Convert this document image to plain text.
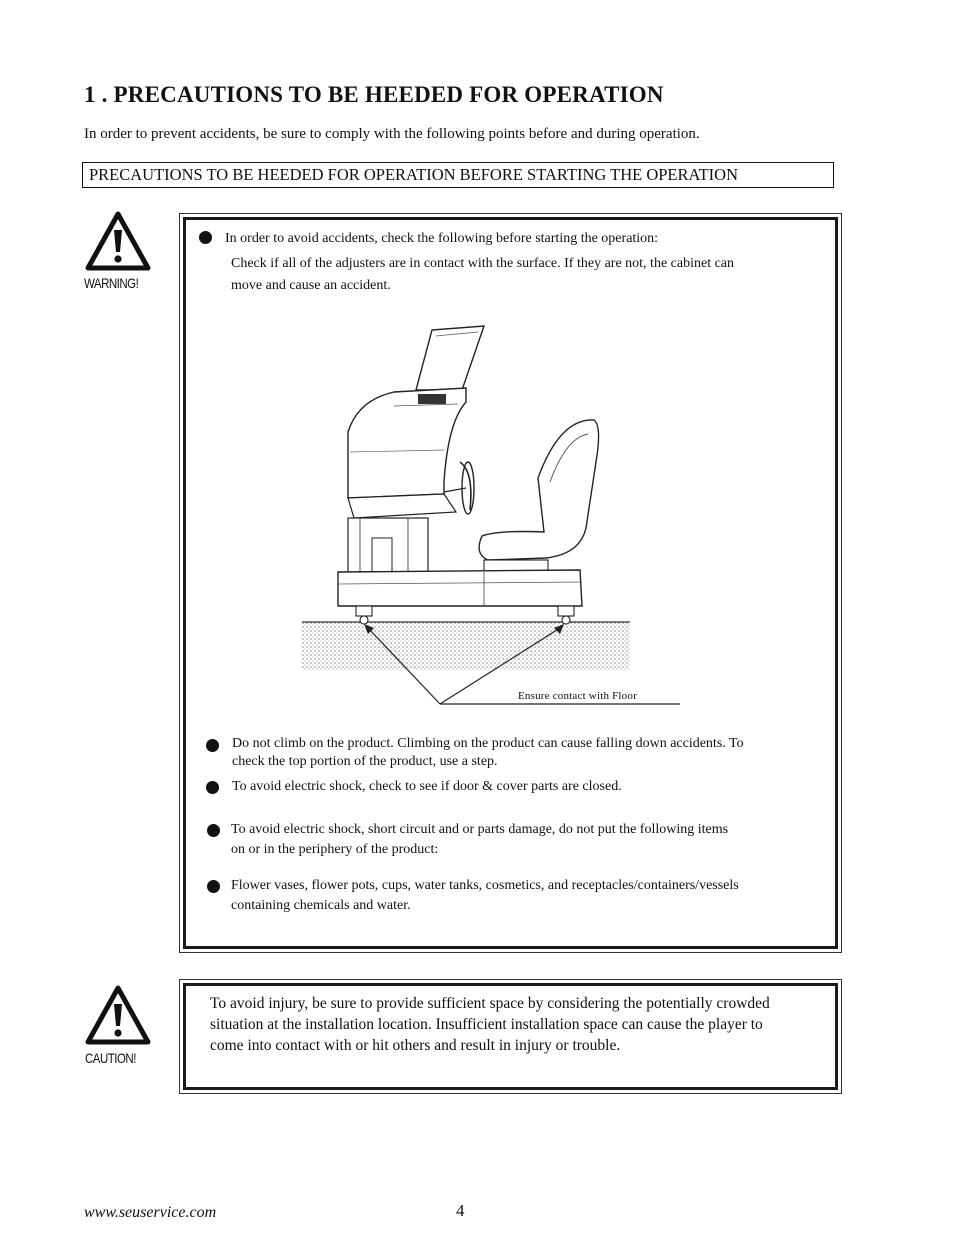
1 . PRECAUTIONS TO BE HEEDED FOR OPERATION
In order to prevent accidents, be sure to comply with the following points before and during operation.
PRECAUTIONS TO BE HEEDED FOR OPERATION BEFORE STARTING THE OPERATION
WARNING!
In order to avoid accidents, check the following before starting the operation:
Check if all of the adjusters are in contact with the surface. If they are not, the cabinet can
move and cause an accident.
Ensure contact with Floor
Do not climb on the product. Climbing on the product can cause falling down accidents. To
check the top portion of the product, use a step.
To avoid electric shock, check to see if door & cover parts are closed.
To avoid electric shock, short circuit and or parts damage, do not put the following items
on or in the periphery of the product:
Flower vases, flower pots, cups, water tanks, cosmetics, and receptacles/containers/vessels
containing chemicals and water.
CAUTION!
To avoid injury, be sure to provide sufficient space by considering the potentially crowded situation at the installation location. Insufficient installation space can cause the player to come into contact with or hit others and result in injury or trouble.
www.seuservice.com	4
